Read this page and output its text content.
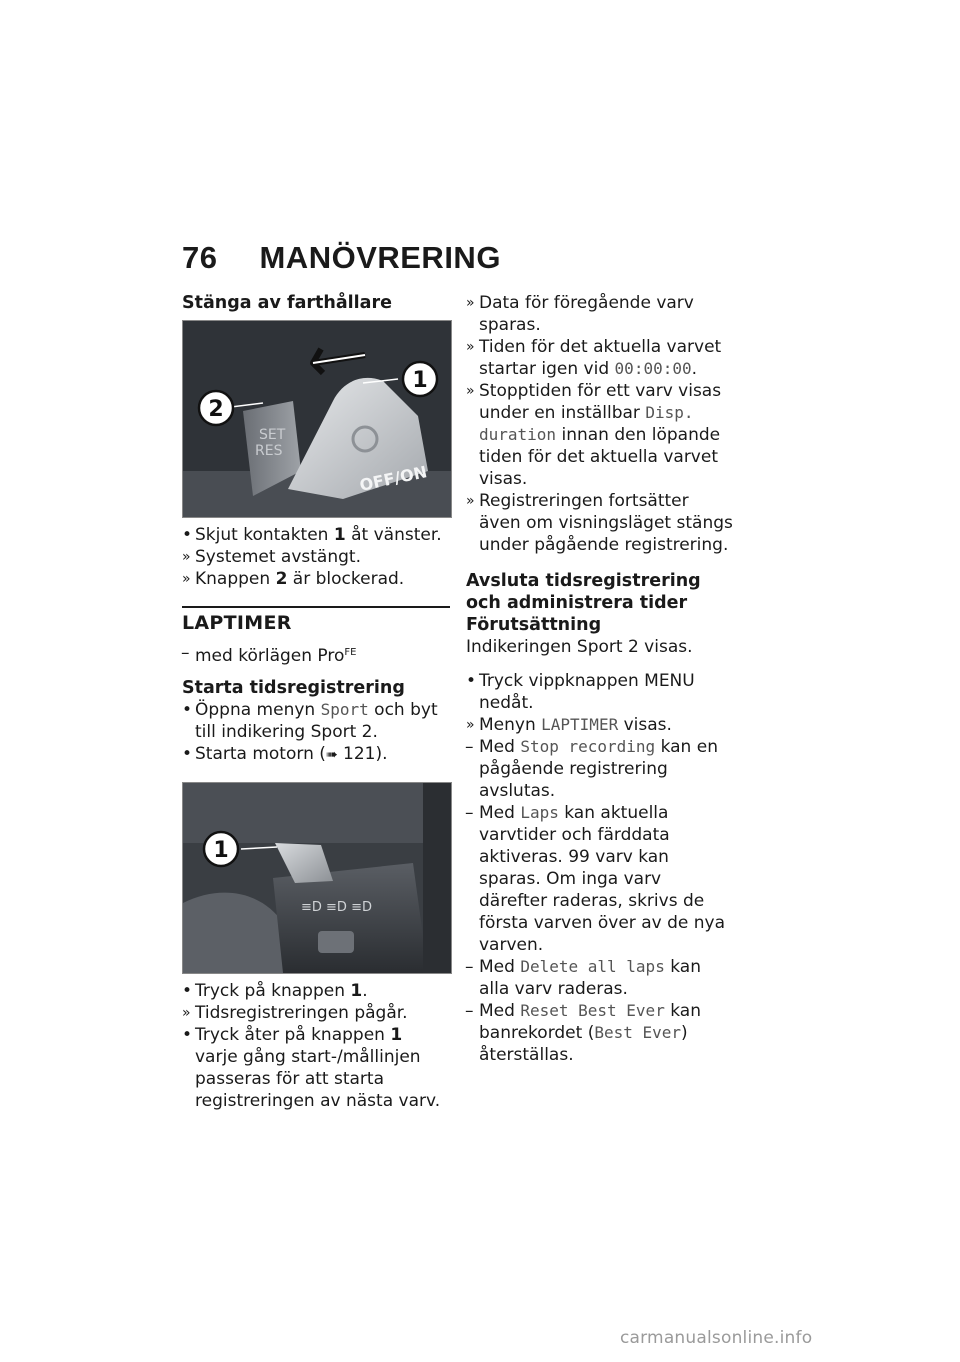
76 MANÖVRERING

Stänga av farthållare

SET
RES
OFF/ON
1
2

• Skjut kontakten 1 åt vänster.

» Systemet avstängt.

» Knappen 2 är blockerad.

LAPTIMER

– med körlägen Pro$^{FE}$

Starta tidsregistrering

• Öppna menyn Sport och byt till indikering Sport 2.

• Starta motorn (➠ 121).

≡D ≡D ≡D
1

• Tryck på knappen 1.

» Tidsregistreringen pågår.

• Tryck åter på knappen 1 varje gång start-/mållinjen passeras för att starta registreringen av nästa varv.

» Data för föregående varv sparas.

» Tiden för det aktuella varvet startar igen vid 00:00:00.

» Stopptiden för ett varv visas under en inställbar Disp. duration innan den löpande tiden för det aktuella varvet visas.

» Registreringen fortsätter även om visningsläget stängs under pågående registrering.

Avsluta tidsregistrering och administrera tider

Förutsättning

Indikeringen Sport 2 visas.

• Tryck vippknappen MENU nedåt.

» Menyn LAPTIMER visas.

– Med Stop recording kan en pågående registrering avslutas.

– Med Laps kan aktuella varvtider och färddata aktiveras. 99 varv kan sparas. Om inga varv därefter raderas, skrivs de första varven över av de nya varven.

– Med Delete all laps kan alla varv raderas.

– Med Reset Best Ever kan banrekordet (Best Ever) återställas.

carmanualsonline.info
